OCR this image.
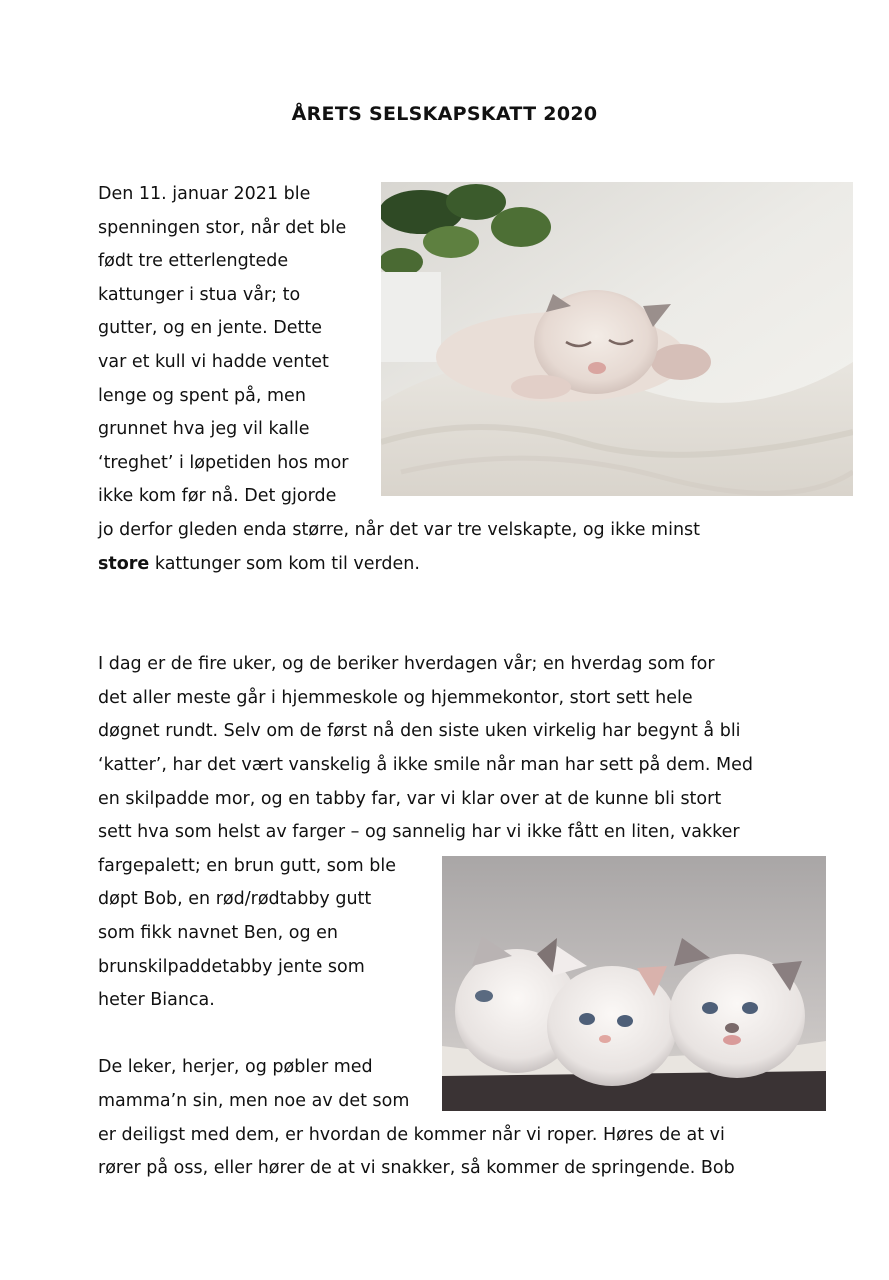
ÅRETS SELSKAPSKATT 2020
Den 11. januar 2021 ble
spenningen stor, når det ble
født tre etterlengtede
kattunger i stua vår; to
gutter, og en jente. Dette
var et kull vi hadde ventet
lenge og spent på, men
grunnet hva jeg vil kalle
‘treghet’ i løpetiden hos mor
ikke kom før nå. Det gjorde
jo derfor gleden enda større, når det var tre velskapte, og ikke minst
store kattunger som kom til verden.
I dag er de fire uker, og de beriker hverdagen vår; en hverdag som for
det aller meste går i hjemmeskole og hjemmekontor, stort sett hele
døgnet rundt. Selv om de først nå den siste uken virkelig har begynt å bli
‘katter’, har det vært vanskelig å ikke smile når man har sett på dem. Med
en skilpadde mor, og en tabby far, var vi klar over at de kunne bli stort
sett hva som helst av farger – og sannelig har vi ikke fått en liten, vakker
fargepalett; en brun gutt, som ble
døpt Bob, en rød/rødtabby gutt
som fikk navnet Ben, og en
brunskilpaddetabby jente som
heter Bianca.
De leker, herjer, og pøbler med
mamma’n sin, men noe av det som
er deiligst med dem, er hvordan de kommer når vi roper. Høres de at vi
rører på oss, eller hører de at vi snakker, så kommer de springende. Bob
